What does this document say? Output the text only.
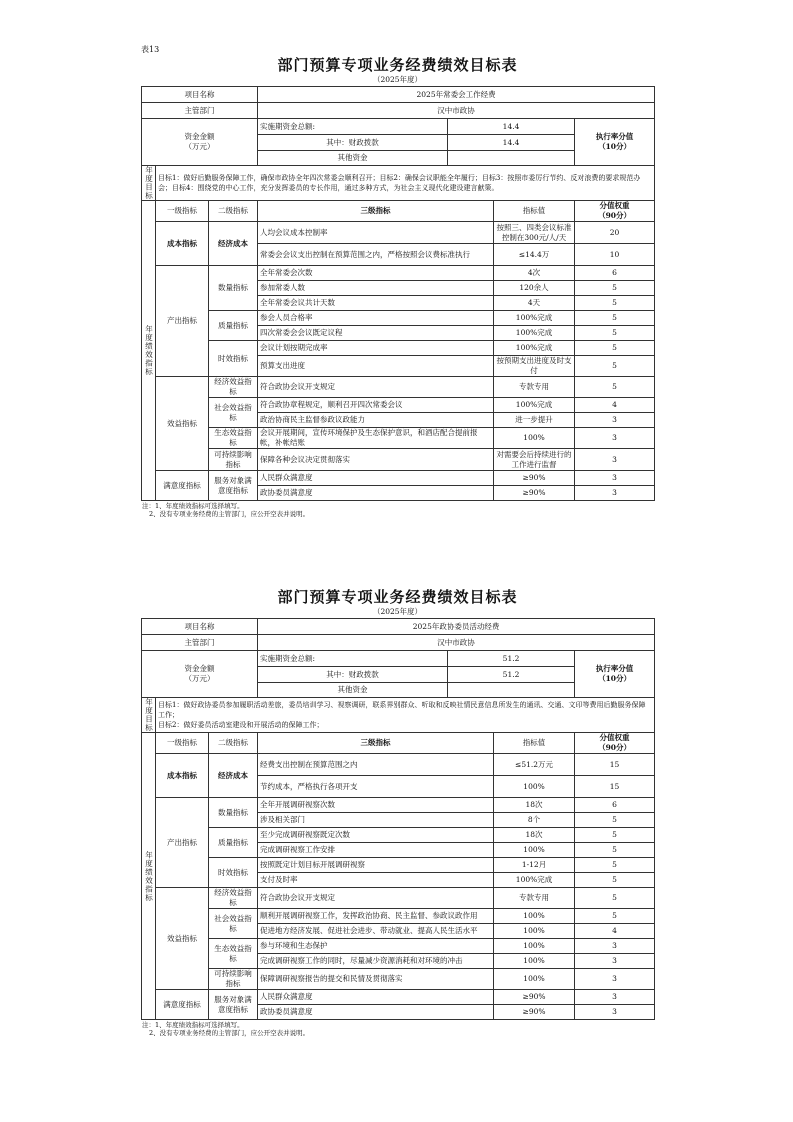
表13
部门预算专项业务经费绩效目标表
（2025年度）
项目名称			2025年常委会工作经费			
主管部门			汉中市政协			
资金金额
（万元）			实施期资金总额:	14.4		执行率分值
（10分）
			其中：财政拨款	14.4		
			其他资金			
年度目标	目标1：做好后勤服务保障工作，确保市政协全年四次常委会顺利召开；目标2：确保会议职能全年履行；目标3：按照市委厉行节约、反对浪费的要求规范办会；目标4：围绕党的中心工作，充分发挥委员的专长作用，通过多种方式，为社会主义现代化建设建言献策。					
年度绩效指标	一级指标	二级指标	三级指标		指标值	分值权重
（90分）
	成本指标	经济成本	人均会议成本控制率		按照三、四类会议标准控制在300元/人/天	20
			常委会会议支出控制在预算范围之内，严格按照会议费标准执行		≤14.4万	10
	产出指标	数量指标	全年常委会次数		4次	6
			参加常委人数		120余人	5
			全年常委会议共计天数		4天	5
		质量指标	参会人员合格率		100%完成	5
			四次常委会会议既定议程		100%完成	5
		时效指标	会议计划按期完成率		100%完成	5
			预算支出进度		按预期支出进度及时支付	5
	效益指标	经济效益指标	符合政协会议开支规定		专款专用	5
		社会效益指标	符合政协章程规定，顺利召开四次常委会议		100%完成	4
			政治协商民主监督参政议政能力		进一步提升	3
		生态效益指标	会议开展期间，宣传环境保护及生态保护意识，和酒店配合提前报帐，补帐结账		100%	3
		可持续影响指标	保障各种会议决定贯彻落实		对需要会后持续进行的工作进行监督	3
	满意度指标	服务对象满意度指标	人民群众满意度		≥90%	3
			政协委员满意度		≥90%	3
注：1、年度绩效指标可选择填写。
2、没有专项业务经费的主管部门，应公开空表并说明。
部门预算专项业务经费绩效目标表
（2025年度）
项目名称			2025年政协委员活动经费			
主管部门			汉中市政协			
资金金额
（万元）			实施期资金总额:	51.2		执行率分值
（10分）
			其中：财政拨款	51.2		
			其他资金			
年度目标	目标1：做好政协委员参加履职活动差旅，委员培训学习、视察调研，联系界别群众、听取和反映社情民意信息所发生的通讯、交通、文印等费用后勤服务保障工作；
目标2：做好委员活动室建设和开展活动的保障工作；					
年度绩效指标	一级指标	二级指标	三级指标		指标值	分值权重
（90分）
	成本指标	经济成本	经费支出控制在预算范围之内		≤51.2万元	15
			节约成本，严格执行各项开支		100%	15
	产出指标	数量指标	全年开展调研视察次数		18次	6
			涉及相关部门		8个	5
		质量指标	至少完成调研视察既定次数		18次	5
			完成调研视察工作安排		100%	5
		时效指标	按照既定计划目标开展调研视察		1-12月	5
			支付及时率		100%完成	5
	效益指标	经济效益指标	符合政协会议开支规定		专款专用	5
		社会效益指标	顺利开展调研视察工作，发挥政治协商、民主监督、参政议政作用		100%	5
			促进地方经济发展、促进社会进步、带动就业、提高人民生活水平		100%	4
		生态效益指标	参与环境和生态保护		100%	3
			完成调研视察工作的同时，尽量减少资源消耗和对环境的冲击		100%	3
		可持续影响指标	保障调研视察报告的提交和民情及贯彻落实		100%	3
	满意度指标	服务对象满意度指标	人民群众满意度		≥90%	3
			政协委员满意度		≥90%	3
注：1、年度绩效指标可选择填写。
2、没有专项业务经费的主管部门，应公开空表并说明。
